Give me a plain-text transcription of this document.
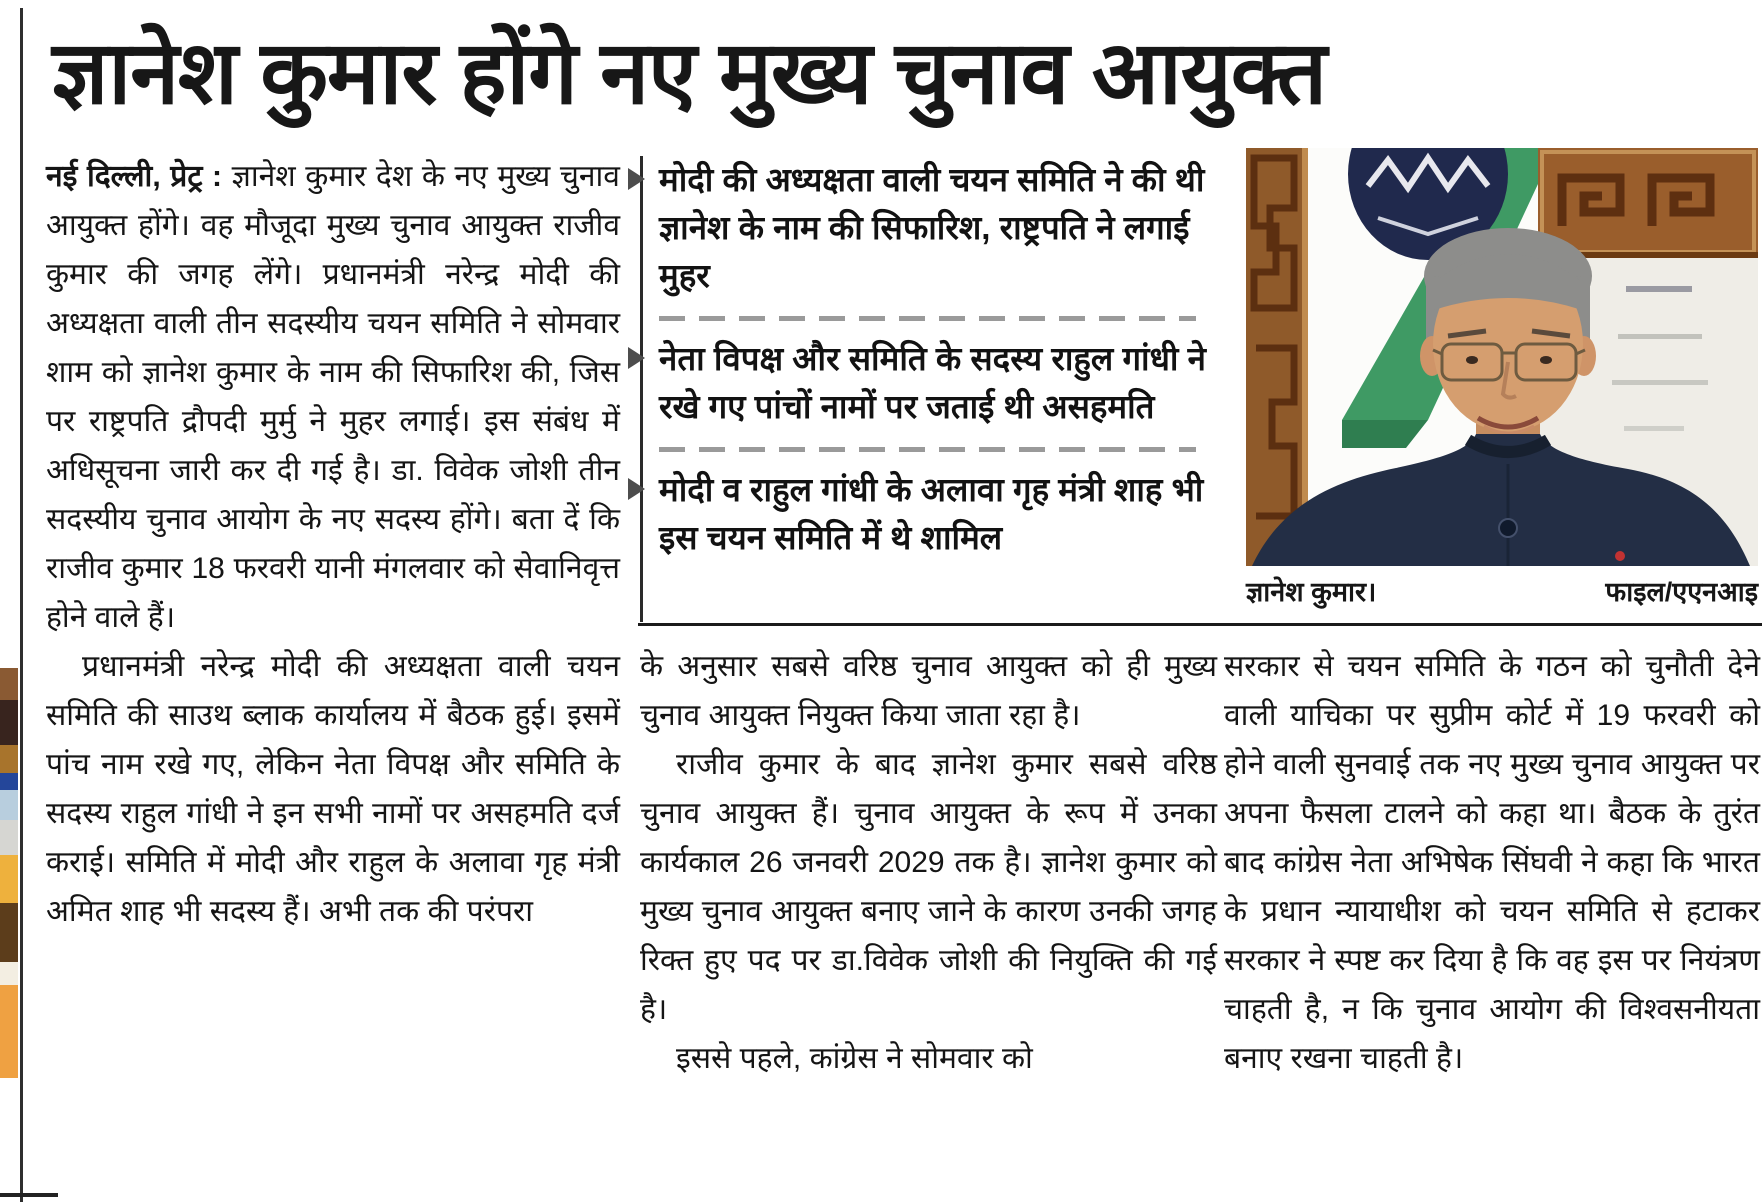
ज्ञानेश कुमार होंगे नए मुख्य चुनाव आयुक्त

नई दिल्ली, प्रेट्र : ज्ञानेश कुमार देश के नए मुख्य चुनाव आयुक्त होंगे। वह मौजूदा मुख्य चुनाव आयुक्त राजीव कुमार की जगह लेंगे। प्रधानमंत्री नरेन्द्र मोदी की अध्यक्षता वाली तीन सदस्यीय चयन समिति ने सोमवार शाम को ज्ञानेश कुमार के नाम की सिफारिश की, जिस पर राष्ट्रपति द्रौपदी मुर्मु ने मुहर लगाई। इस संबंध में अधिसूचना जारी कर दी गई है। डा. विवेक जोशी तीन सदस्यीय चुनाव आयोग के नए सदस्य होंगे। बता दें कि राजीव कुमार 18 फरवरी यानी मंगलवार को सेवानिवृत्त होने वाले हैं।

प्रधानमंत्री नरेन्द्र मोदी की अध्यक्षता वाली चयन समिति की साउथ ब्लाक कार्यालय में बैठक हुई। इसमें पांच नाम रखे गए, लेकिन नेता विपक्ष और समिति के सदस्य राहुल गांधी ने इन सभी नामों पर असहमति दर्ज कराई। समिति में मोदी और राहुल के अलावा गृह मंत्री अमित शाह भी सदस्य हैं। अभी तक की परंपरा

मोदी की अध्यक्षता वाली चयन समिति ने की थी ज्ञानेश के नाम की सिफारिश, राष्ट्रपति ने लगाई मुहर
नेता विपक्ष और समिति के सदस्य राहुल गांधी ने रखे गए पांचों नामों पर जताई थी असहमति
मोदी व राहुल गांधी के अलावा गृह मंत्री शाह भी इस चयन समिति में थे शामिल
ज्ञानेश कुमार।	फाइल/एएनआइ

के अनुसार सबसे वरिष्ठ चुनाव आयुक्त को ही मुख्य चुनाव आयुक्त नियुक्त किया जाता रहा है।

राजीव कुमार के बाद ज्ञानेश कुमार सबसे वरिष्ठ चुनाव आयुक्त हैं। चुनाव आयुक्त के रूप में उनका कार्यकाल 26 जनवरी 2029 तक है। ज्ञानेश कुमार को मुख्य चुनाव आयुक्त बनाए जाने के कारण उनकी जगह रिक्त हुए पद पर डा.विवेक जोशी की नियुक्ति की गई है।

इससे पहले, कांग्रेस ने सोमवार को

सरकार से चयन समिति के गठन को चुनौती देने वाली याचिका पर सुप्रीम कोर्ट में 19 फरवरी को होने वाली सुनवाई तक नए मुख्य चुनाव आयुक्त पर अपना फैसला टालने को कहा था। बैठक के तुरंत बाद कांग्रेस नेता अभिषेक सिंघवी ने कहा कि भारत के प्रधान न्यायाधीश को चयन समिति से हटाकर सरकार ने स्पष्ट कर दिया है कि वह इस पर नियंत्रण चाहती है, न कि चुनाव आयोग की विश्वसनीयता बनाए रखना चाहती है।
